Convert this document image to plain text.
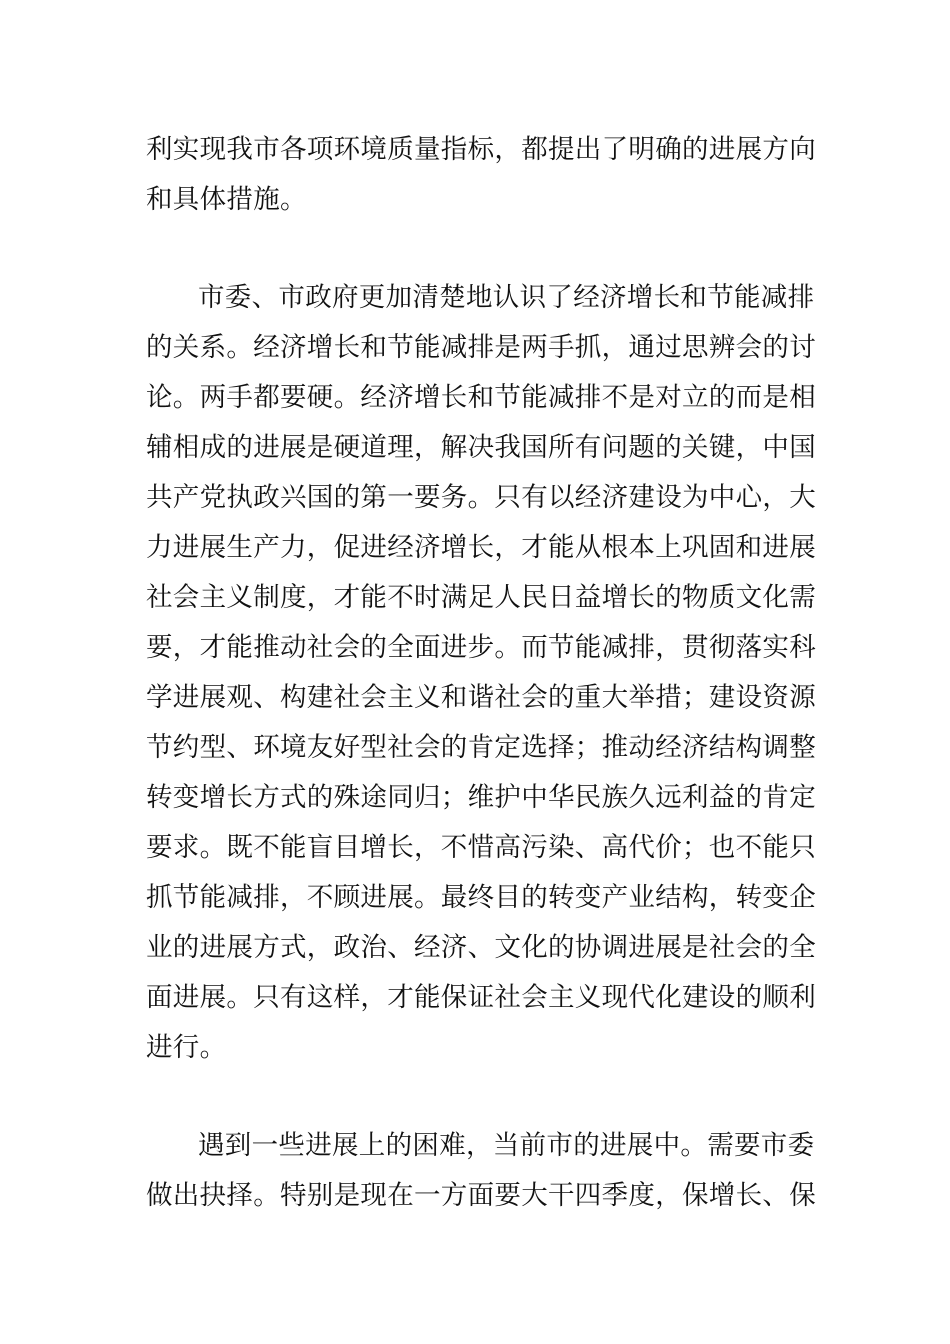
利实现我市各项环境质量指标，都提出了明确的进展方向
和具体措施。
市委、市政府更加清楚地认识了经济增长和节能减排
的关系。经济增长和节能减排是两手抓，通过思辨会的讨
论。两手都要硬。经济增长和节能减排不是对立的而是相
辅相成的进展是硬道理，解决我国所有问题的关键，中国
共产党执政兴国的第一要务。只有以经济建设为中心，大
力进展生产力，促进经济增长，才能从根本上巩固和进展
社会主义制度，才能不时满足人民日益增长的物质文化需
要，才能推动社会的全面进步。而节能减排，贯彻落实科
学进展观、构建社会主义和谐社会的重大举措；建设资源
节约型、环境友好型社会的肯定选择；推动经济结构调整
转变增长方式的殊途同归；维护中华民族久远利益的肯定
要求。既不能盲目增长，不惜高污染、高代价；也不能只
抓节能减排，不顾进展。最终目的转变产业结构，转变企
业的进展方式，政治、经济、文化的协调进展是社会的全
面进展。只有这样，才能保证社会主义现代化建设的顺利
进行。
遇到一些进展上的困难，当前市的进展中。需要市委
做出抉择。特别是现在一方面要大干四季度，保增长、保
